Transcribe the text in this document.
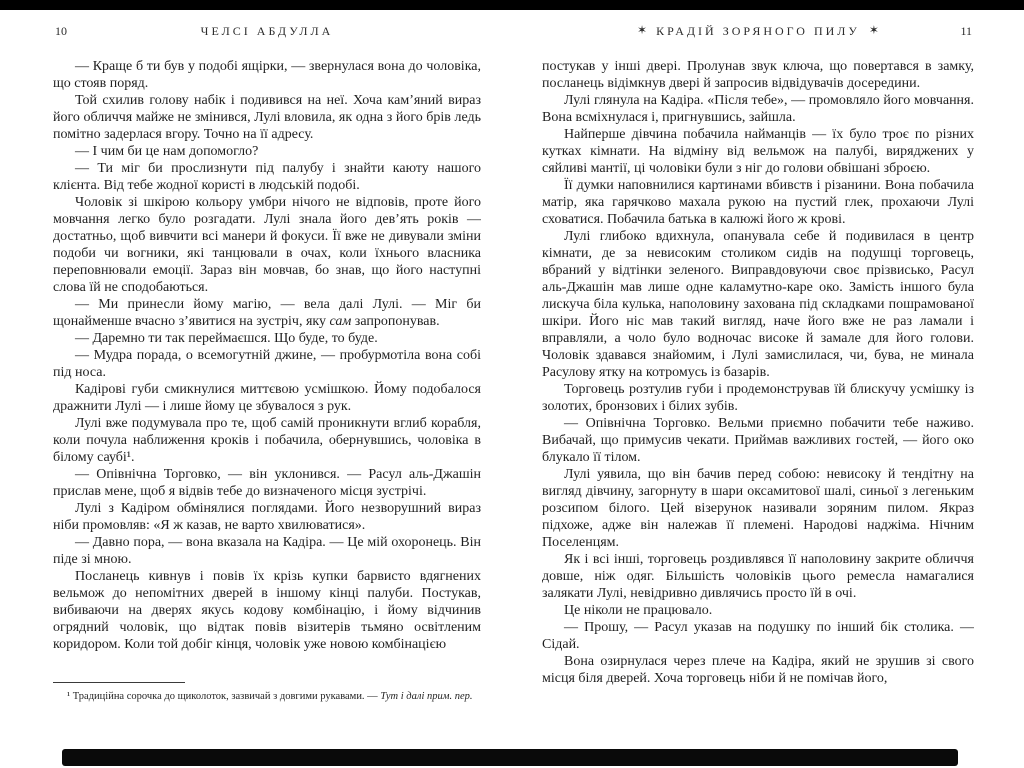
10	ЧЕЛСІ АБДУЛЛА

— Краще б ти був у подобі ящірки, — звернулася вона до чоловіка, що стояв поряд.

Той схилив голову набік і подивився на неї. Хоча кам’яний вираз його обличчя майже не змінився, Лулі вловила, як одна з його брів ледь помітно задерлася вгору. Точно на її адресу.

— І чим би це нам допомогло?

— Ти міг би прослизнути під палубу і знайти каюту нашого клієнта. Від тебе жодної користі в людській подобі.

Чоловік зі шкірою кольору умбри нічого не відповів, проте його мовчання легко було розгадати. Лулі знала його дев’ять років — достатньо, щоб вивчити всі манери й фокуси. Її вже не дивували зміни подоби чи вогники, які танцювали в очах, коли їхнього власника переповнювали емоції. Зараз він мовчав, бо знав, що його наступні слова їй не сподобаються.

— Ми принесли йому магію, — вела далі Лулі. — Міг би щонайменше вчасно з’явитися на зустріч, яку сам запропонував.

— Даремно ти так переймаєшся. Що буде, то буде.

— Мудра порада, о всемогутній джине, — пробурмотіла вона собі під носа.

Кадірові губи смикнулися миттєвою усмішкою. Йому подобалося дражнити Лулі — і лише йому це збувалося з рук.

Лулі вже подумувала про те, щоб самій проникнути вглиб корабля, коли почула наближення кроків і побачила, обернувшись, чоловіка в білому саубі¹.

— Опівнічна Торговко, — він уклонився. — Расул аль-Джашін прислав мене, щоб я відвів тебе до визначеного місця зустрічі.

Лулі з Кадіром обмінялися поглядами. Його незворушний вираз ніби промовляв: «Я ж казав, не варто хвилюватися».

— Давно пора, — вона вказала на Кадіра. — Це мій охоронець. Він піде зі мною.

Посланець кивнув і повів їх крізь купки барвисто вдягнених вельмож до непомітних дверей в іншому кінці палуби. Постукав, вибиваючи на дверях якусь кодову комбінацію, і йому відчинив огрядний чоловік, що відтак повів візитерів тьмяно освітленим коридором. Коли той добіг кінця, чоловік уже новою комбінацією

¹ Традиційна сорочка до щиколоток, зазвичай з довгими рукавами. — Тут і далі прим. пер.

✶ КРАДІЙ ЗОРЯНОГО ПИЛУ ✶	11

постукав у інші двері. Пролунав звук ключа, що повертався в замку, посланець відімкнув двері й запросив відвідувачів досередини.

Лулі глянула на Кадіра. «Після тебе», — промовляло його мовчання. Вона всміхнулася і, пригнувшись, зайшла.

Найперше дівчина побачила найманців — їх було троє по різних кутках кімнати. На відміну від вельмож на палубі, виряджених у сяйливі мантії, ці чоловіки були з ніг до голови обвішані зброєю.

Її думки наповнилися картинами вбивств і різанини. Вона побачила матір, яка гарячково махала рукою на пустий глек, прохаючи Лулі сховатися. Побачила батька в калюжі його ж крові.

Лулі глибоко вдихнула, опанувала себе й подивилася в центр кімнати, де за невисоким столиком сидів на подушці торговець, вбраний у відтінки зеленого. Виправдовуючи своє прізвисько, Расул аль-Джашін мав лише одне каламутно-каре око. Замість іншого була лискуча біла кулька, наполовину захована під складками пошрамованої шкіри. Його ніс мав такий вигляд, наче його вже не раз ламали і вправляли, а чоло було водночас високе й замале для його голови. Чоловік здавався знайомим, і Лулі замислилася, чи, бува, не минала Расулову ятку на котромусь із базарів.

Торговець розтулив губи і продемонстрував їй блискучу усмішку із золотих, бронзових і білих зубів.

— Опівнічна Торговко. Вельми приємно побачити тебе наживо. Вибачай, що примусив чекати. Приймав важливих гостей, — його око блукало її тілом.

Лулі уявила, що він бачив перед собою: невисоку й тендітну на вигляд дівчину, загорнуту в шари оксамитової шалі, синьої з легеньким розсипом білого. Цей візерунок називали зоряним пилом. Якраз підхоже, адже він належав її племені. Народові наджіма. Нічним Поселенцям.

Як і всі інші, торговець роздивлявся її наполовину закрите обличчя довше, ніж одяг. Більшість чоловіків цього ремесла намагалися залякати Лулі, невідривно дивлячись просто їй в очі.

Це ніколи не працювало.

— Прошу, — Расул указав на подушку по інший бік столика. — Сідай.

Вона озирнулася через плече на Кадіра, який не зрушив зі свого місця біля дверей. Хоча торговець ніби й не помічав його,
